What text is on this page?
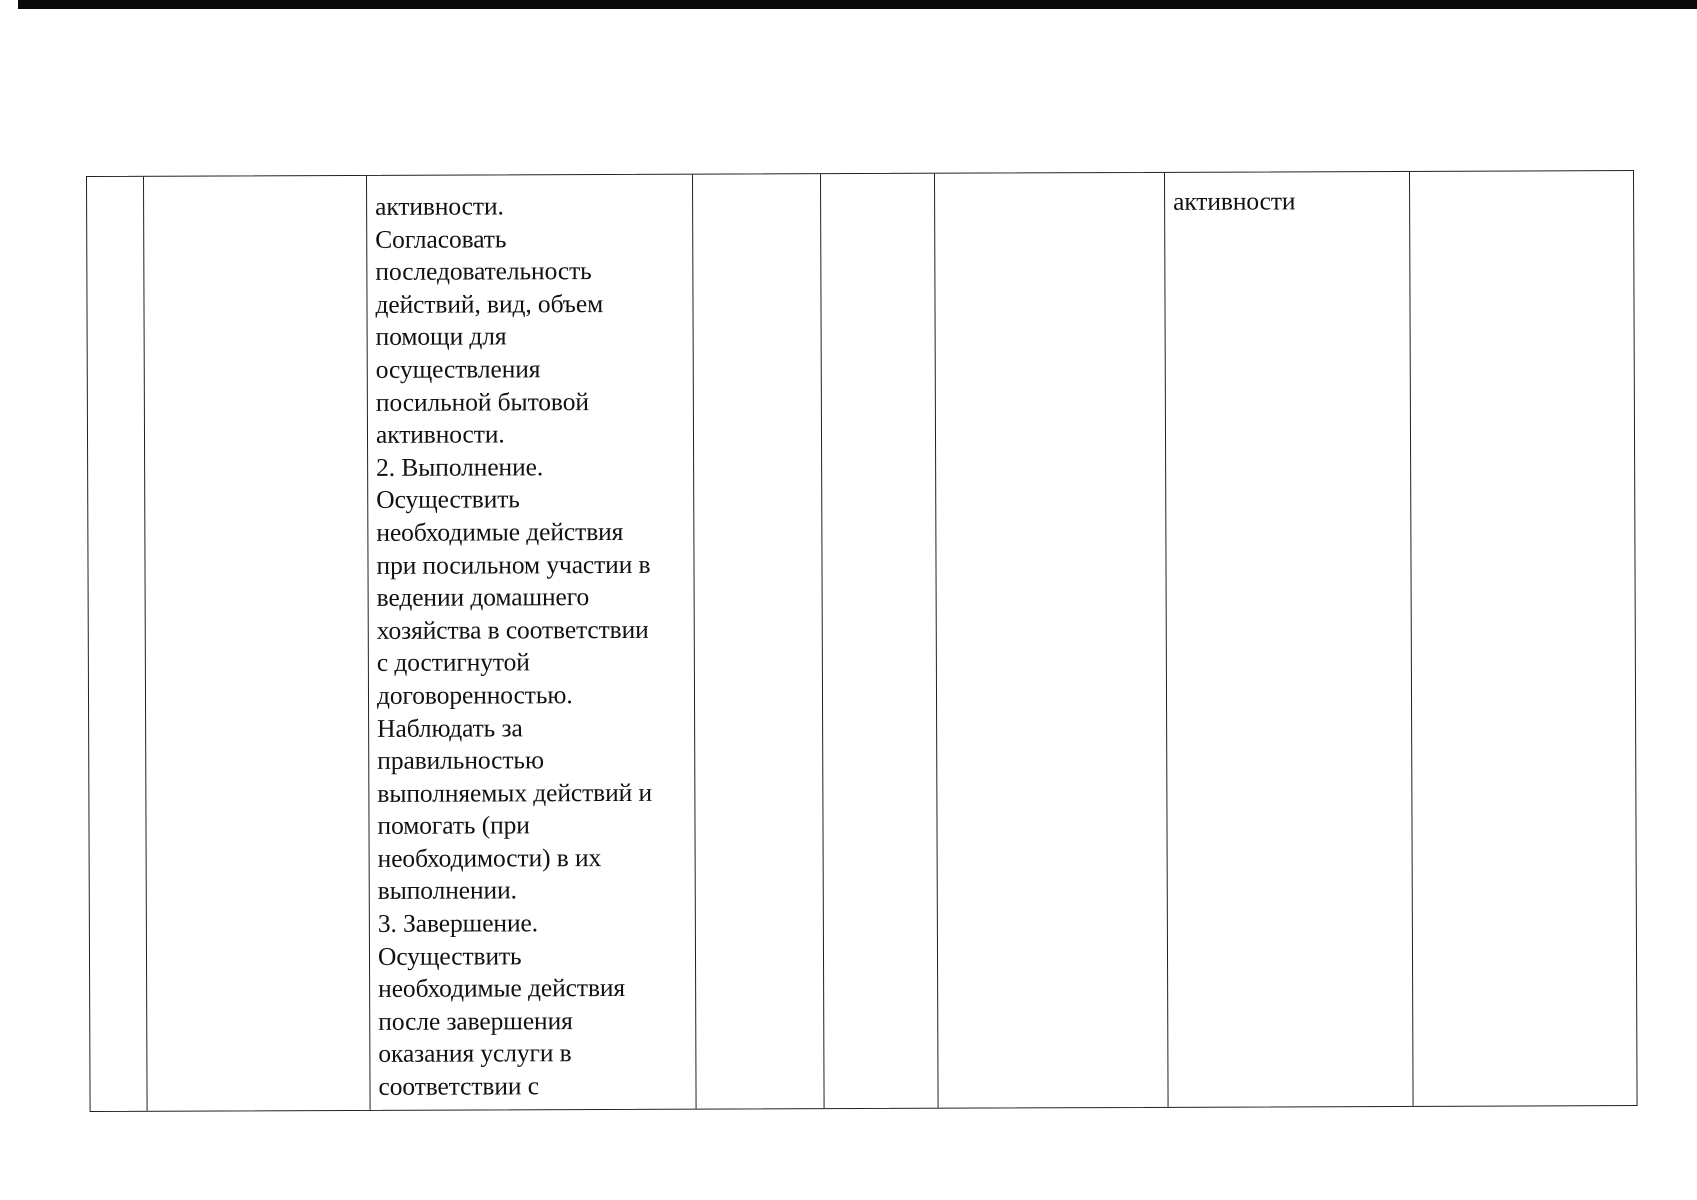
активности.
Согласовать
последовательность
действий, вид, объем
помощи для
осуществления
посильной бытовой
активности.
2. Выполнение.
Осуществить
необходимые действия
при посильном участии в
ведении домашнего
хозяйства в соответствии
с достигнутой
договоренностью.
Наблюдать за
правильностью
выполняемых действий и
помогать (при
необходимости) в их
выполнении.
3. Завершение.
Осуществить
необходимые действия
после завершения
оказания услуги в
соответствии с
активности
